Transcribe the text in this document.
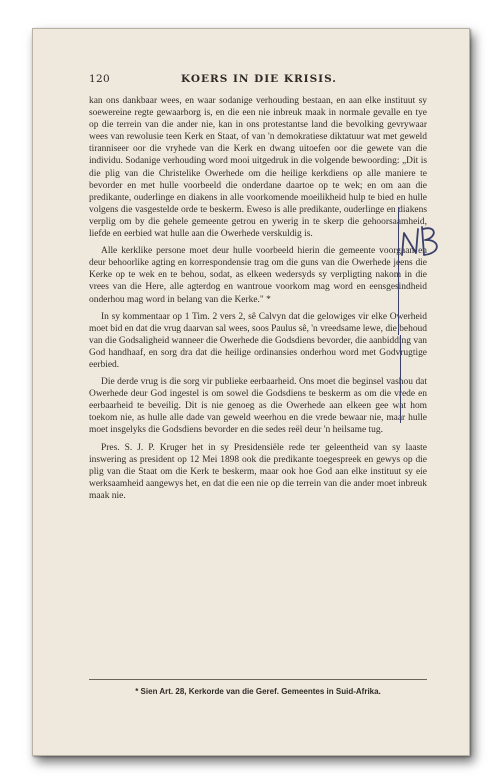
120	KOERS IN DIE KRISIS.

kan ons dankbaar wees, en waar sodanige verhouding bestaan, en aan elke instituut sy soewereine regte gewaarborg is, en die een nie inbreuk maak in normale gevalle en tye op die terrein van die ander nie, kan in ons protestantse land die bevolking gevrywaar wees van rewolusie teen Kerk en Staat, of van 'n demokratiese diktatuur wat met geweld tiranniseer oor die vryhede van die Kerk en dwang uitoefen oor die gewete van die individu. Sodanige verhouding word mooi uitgedruk in die volgende bewoording: „Dit is die plig van die Christelike Owerhede om die heilige kerkdiens op alle maniere te bevorder en met hulle voorbeeld die onderdane daartoe op te wek; en om aan die predikante, ouderlinge en diakens in alle voorkomende moeilikheid hulp te bied en hulle volgens die vasgestelde orde te beskerm. Eweso is alle predikante, ouderlinge en diakens verplig om by die gehele gemeente getrou en ywerig in te skerp die gehoorsaamheid, liefde en eerbied wat hulle aan die Owerhede verskuldig is.

Alle kerklike persone moet deur hulle voorbeeld hierin die gemeente voorgaan en deur behoorlike agting en korrespondensie trag om die guns van die Owerhede jeens die Kerke op te wek en te behou, sodat, as elkeen wedersyds sy verpligting nakom in die vrees van die Here, alle agterdog en wantroue voorkom mag word en eensgesindheid onderhou mag word in belang van die Kerke." *

In sy kommentaar op 1 Tim. 2 vers 2, sê Calvyn dat die gelowiges vir elke Owerheid moet bid en dat die vrug daarvan sal wees, soos Paulus sê, 'n vreedsame lewe, die behoud van die Godsaligheid wanneer die Owerhede die Godsdiens bevorder, die aanbidding van God handhaaf, en sorg dra dat die heilige ordinansies onderhou word met Godvrugtige eerbied.

Die derde vrug is die sorg vir publieke eerbaarheid. Ons moet die beginsel vashou dat Owerhede deur God ingestel is om sowel die Godsdiens te beskerm as om die vrede en eerbaarheid te beveilig. Dit is nie genoeg as die Owerhede aan elkeen gee wat hom toekom nie, as hulle alle dade van geweld weerhou en die vrede bewaar nie, maar hulle moet insgelyks die Godsdiens bevorder en die sedes reël deur 'n heilsame tug.

Pres. S. J. P. Kruger het in sy Presidensiële rede ter geleentheid van sy laaste inswering as president op 12 Mei 1898 ook die predikante toegespreek en gewys op die plig van die Staat om die Kerk te beskerm, maar ook hoe God aan elke instituut sy eie werksaamheid aangewys het, en dat die een nie op die terrein van die ander moet inbreuk maak nie.

* Sien Art. 28, Kerkorde van die Geref. Gemeentes in Suid-Afrika.
